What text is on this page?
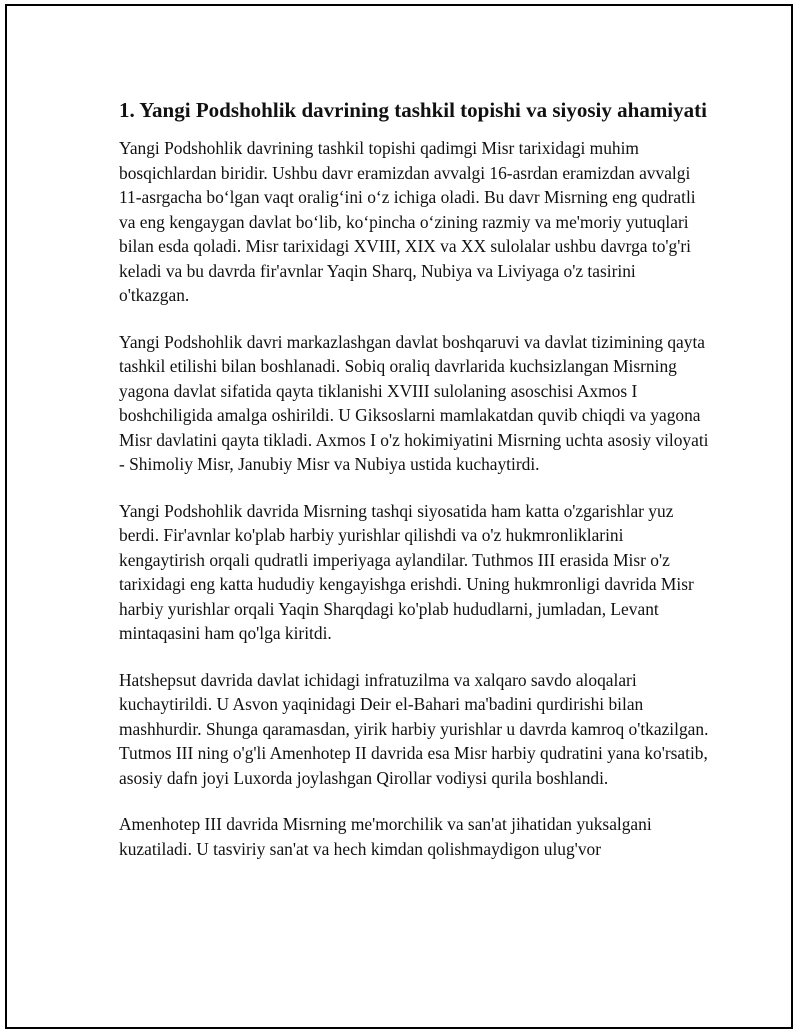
1. Yangi Podshohlik davrining tashkil topishi va siyosiy ahamiyati

Yangi Podshohlik davrining tashkil topishi qadimgi Misr tarixidagi muhim bosqichlardan biridir. Ushbu davr eramizdan avvalgi 16-asrdan eramizdan avvalgi 11-asrgacha bo‘lgan vaqt oralig‘ini o‘z ichiga oladi. Bu davr Misrning eng qudratli va eng kengaygan davlat bo‘lib, ko‘pincha o‘zining razmiy va me'moriy yutuqlari bilan esda qoladi. Misr tarixidagi XVIII, XIX va XX sulolalar ushbu davrga to'g'ri keladi va bu davrda fir'avnlar Yaqin Sharq, Nubiya va Liviyaga o'z tasirini o'tkazgan.

Yangi Podshohlik davri markazlashgan davlat boshqaruvi va davlat tizimining qayta tashkil etilishi bilan boshlanadi. Sobiq oraliq davrlarida kuchsizlangan Misrning yagona davlat sifatida qayta tiklanishi XVIII sulolaning asoschisi Axmos I boshchiligida amalga oshirildi. U Giksoslarni mamlakatdan quvib chiqdi va yagona Misr davlatini qayta tikladi. Axmos I o'z hokimiyatini Misrning uchta asosiy viloyati - Shimoliy Misr, Janubiy Misr va Nubiya ustida kuchaytirdi.

Yangi Podshohlik davrida Misrning tashqi siyosatida ham katta o'zgarishlar yuz berdi. Fir'avnlar ko'plab harbiy yurishlar qilishdi va o'z hukmronliklarini kengaytirish orqali qudratli imperiyaga aylandilar. Tuthmos III erasida Misr o'z tarixidagi eng katta hududiy kengayishga erishdi. Uning hukmronligi davrida Misr harbiy yurishlar orqali Yaqin Sharqdagi ko'plab hududlarni, jumladan, Levant mintaqasini ham qo'lga kiritdi.

Hatshepsut davrida davlat ichidagi infratuzilma va xalqaro savdo aloqalari kuchaytirildi. U Asvon yaqinidagi Deir el-Bahari ma'badini qurdirishi bilan mashhurdir. Shunga qaramasdan, yirik harbiy yurishlar u davrda kamroq o'tkazilgan. Tutmos III ning o'g'li Amenhotep II davrida esa Misr harbiy qudratini yana ko'rsatib, asosiy dafn joyi Luxorda joylashgan Qirollar vodiysi qurila boshlandi.

Amenhotep III davrida Misrning me'morchilik va san'at jihatidan yuksalgani kuzatiladi. U tasviriy san'at va hech kimdan qolishmaydigon ulug'vor
